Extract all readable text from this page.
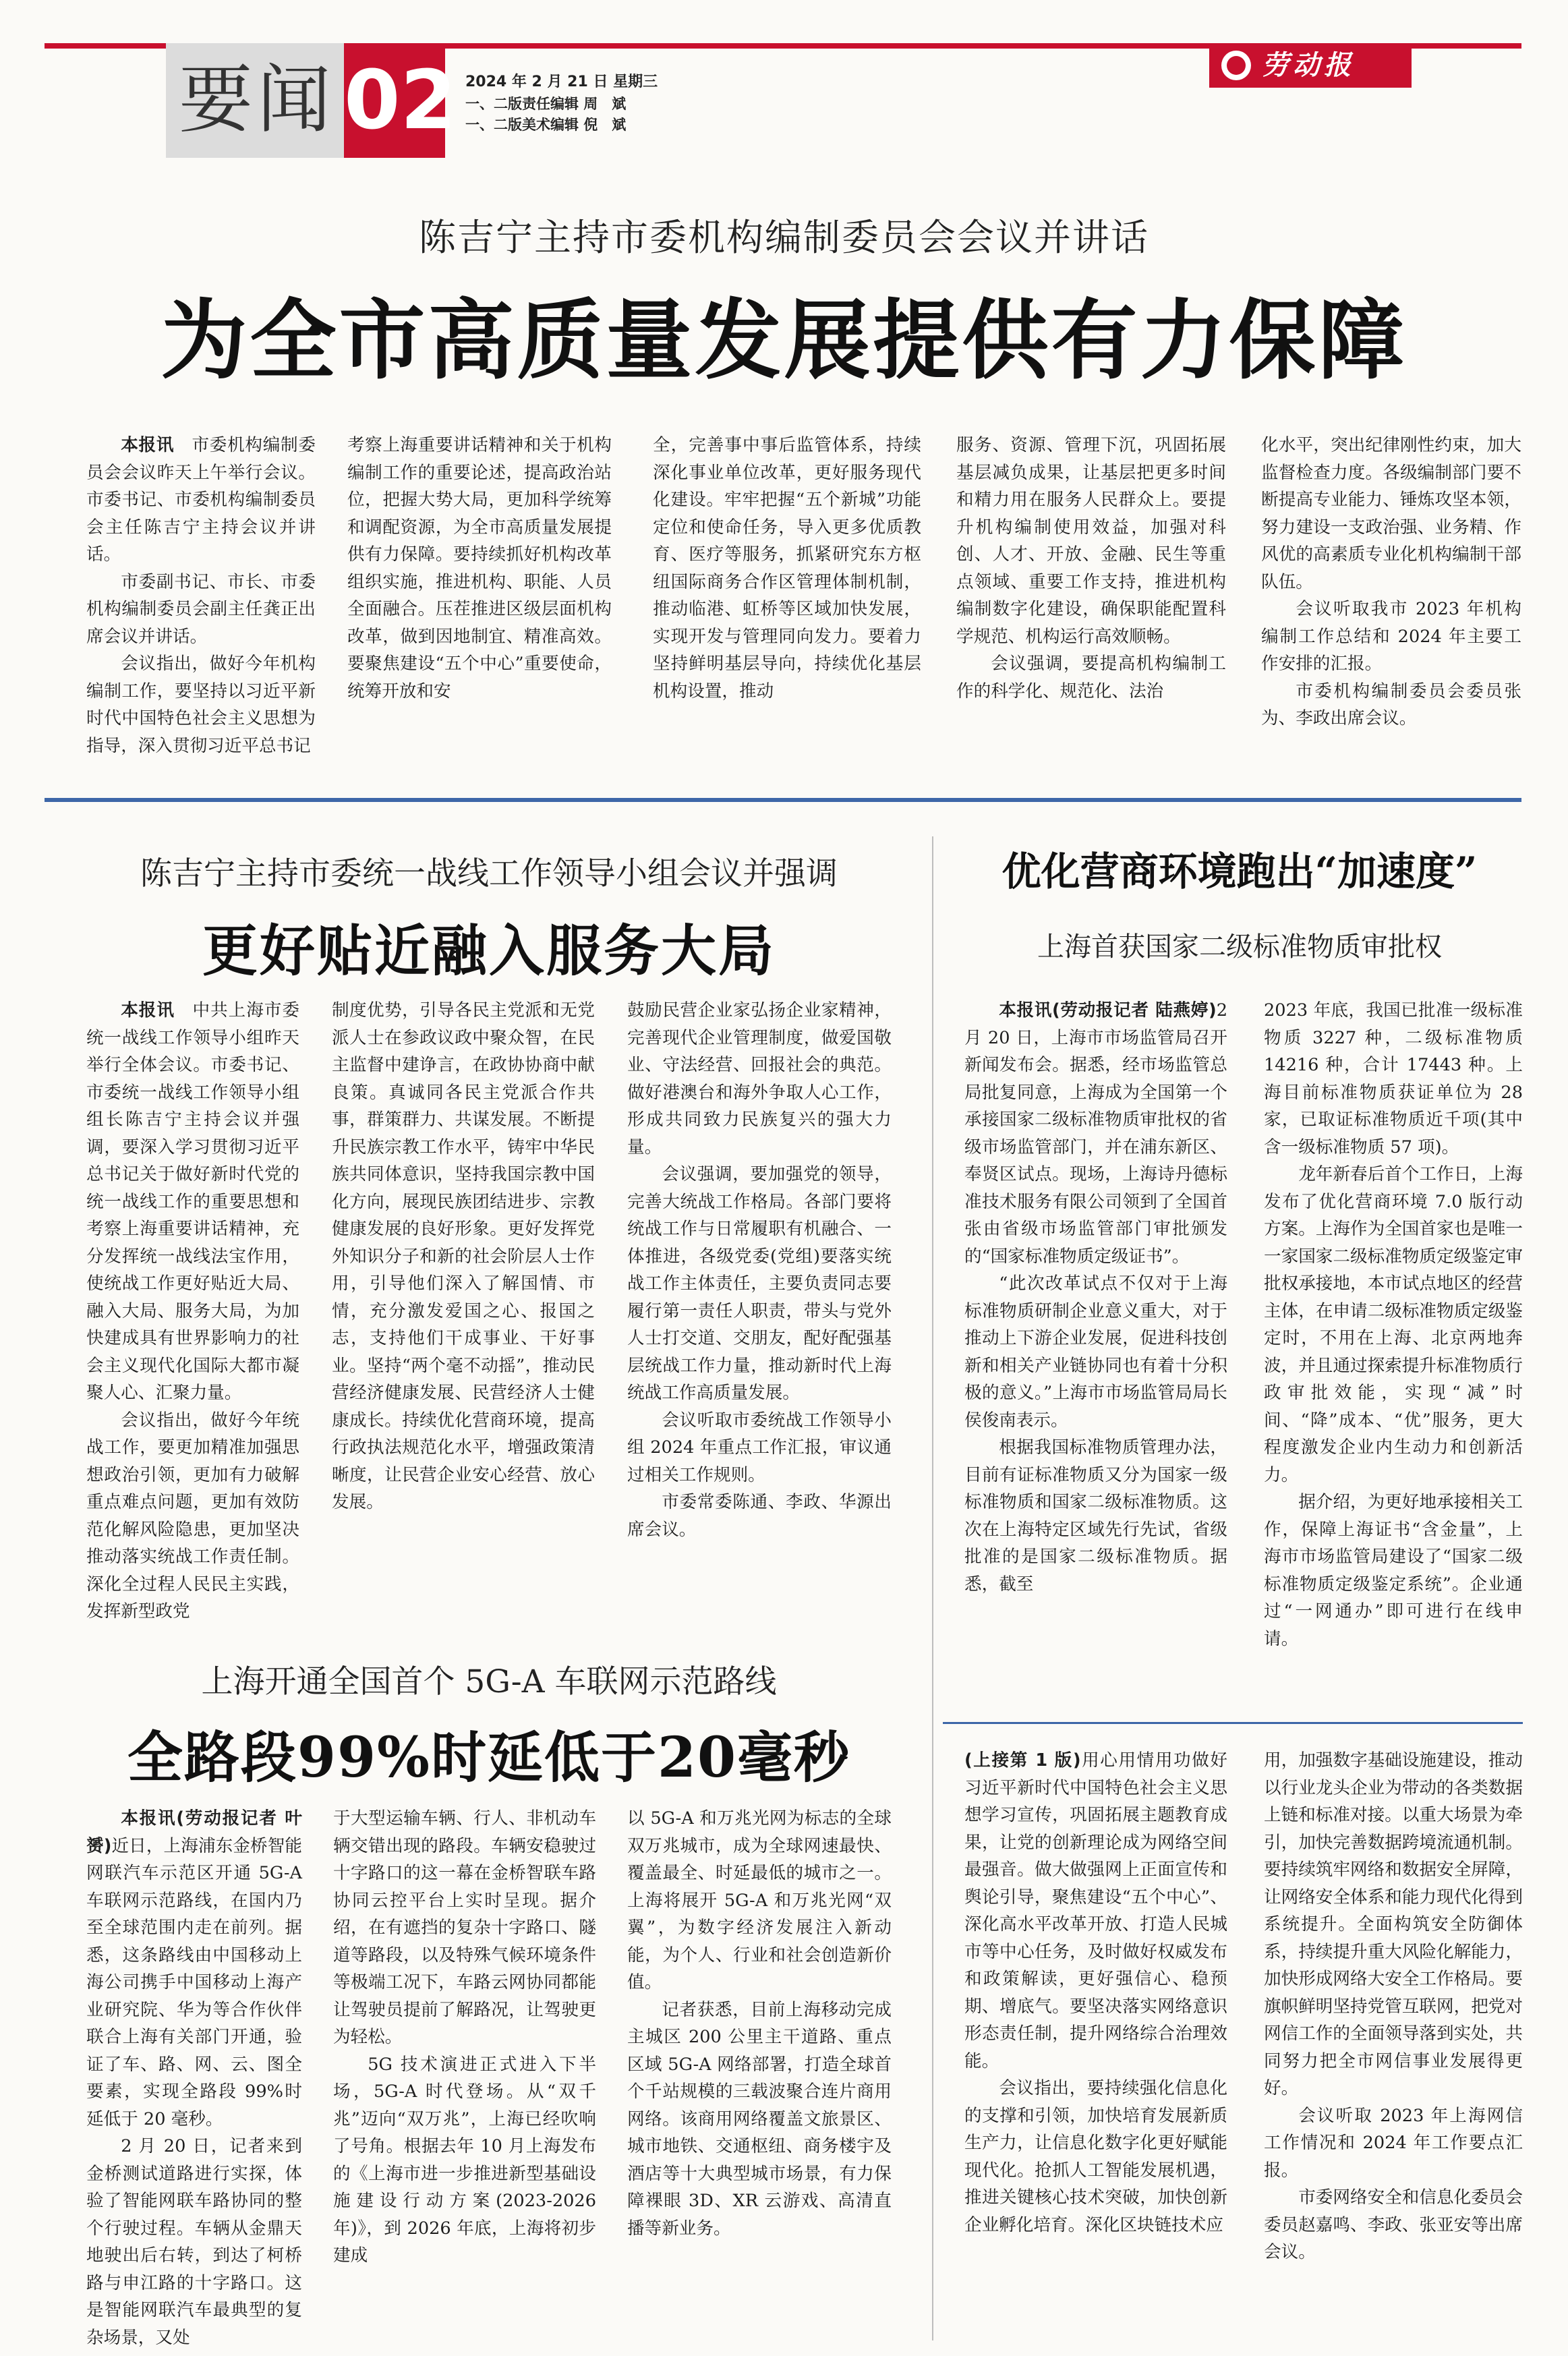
要闻 02 2024 年 2 月 21 日 星期三
一、二版责任编辑 周　斌
一、二版美术编辑 倪　斌
劳动报
陈吉宁主持市委机构编制委员会会议并讲话
为全市高质量发展提供有力保障

本报讯　 市委机构编制委员会会议昨天上午举行会议。市委书记、市委机构编制委员会主任陈吉宁主持会议并讲话。

市委副书记、市长、市委机构编制委员会副主任龚正出席会议并讲话。

会议指出，做好今年机构编制工作，要坚持以习近平新时代中国特色社会主义思想为指导，深入贯彻习近平总书记

考察上海重要讲话精神和关于机构编制工作的重要论述，提高政治站位，把握大势大局，更加科学统筹和调配资源，为全市高质量发展提供有力保障。要持续抓好机构改革组织实施，推进机构、职能、人员全面融合。压茬推进区级层面机构改革，做到因地制宜、精准高效。要聚焦建设“五个中心”重要使命，统筹开放和安

全，完善事中事后监管体系，持续深化事业单位改革，更好服务现代化建设。牢牢把握“五个新城”功能定位和使命任务，导入更多优质教育、医疗等服务，抓紧研究东方枢纽国际商务合作区管理体制机制，推动临港、虹桥等区域加快发展，实现开发与管理同向发力。要着力坚持鲜明基层导向，持续优化基层机构设置，推动

服务、资源、管理下沉，巩固拓展基层减负成果，让基层把更多时间和精力用在服务人民群众上。要提升机构编制使用效益，加强对科创、人才、开放、金融、民生等重点领域、重要工作支持，推进机构编制数字化建设，确保职能配置科学规范、机构运行高效顺畅。

会议强调，要提高机构编制工作的科学化、规范化、法治

化水平，突出纪律刚性约束，加大监督检查力度。各级编制部门要不断提高专业能力、锤炼攻坚本领，努力建设一支政治强、业务精、作风优的高素质专业化机构编制干部队伍。

会议听取我市 2023 年机构编制工作总结和 2024 年主要工作安排的汇报。

市委机构编制委员会委员张为、李政出席会议。

陈吉宁主持市委统一战线工作领导小组会议并强调
更好贴近融入服务大局

本报讯　 中共上海市委统一战线工作领导小组昨天举行全体会议。市委书记、市委统一战线工作领导小组组长陈吉宁主持会议并强调，要深入学习贯彻习近平总书记关于做好新时代党的统一战线工作的重要思想和考察上海重要讲话精神，充分发挥统一战线法宝作用，使统战工作更好贴近大局、融入大局、服务大局，为加快建成具有世界影响力的社会主义现代化国际大都市凝聚人心、汇聚力量。

会议指出，做好今年统战工作，要更加精准加强思想政治引领，更加有力破解重点难点问题，更加有效防范化解风险隐患，更加坚决推动落实统战工作责任制。深化全过程人民民主实践，发挥新型政党

制度优势，引导各民主党派和无党派人士在参政议政中聚众智，在民主监督中建诤言，在政协协商中献良策。真诚同各民主党派合作共事，群策群力、共谋发展。不断提升民族宗教工作水平，铸牢中华民族共同体意识，坚持我国宗教中国化方向，展现民族团结进步、宗教健康发展的良好形象。更好发挥党外知识分子和新的社会阶层人士作用，引导他们深入了解国情、市情，充分激发爱国之心、报国之志，支持他们干成事业、干好事业。坚持“两个毫不动摇”，推动民营经济健康发展、民营经济人士健康成长。持续优化营商环境，提高行政执法规范化水平，增强政策清晰度，让民营企业安心经营、放心发展。

鼓励民营企业家弘扬企业家精神，完善现代企业管理制度，做爱国敬业、守法经营、回报社会的典范。做好港澳台和海外争取人心工作，形成共同致力民族复兴的强大力量。

会议强调，要加强党的领导，完善大统战工作格局。各部门要将统战工作与日常履职有机融合、一体推进，各级党委(党组)要落实统战工作主体责任，主要负责同志要履行第一责任人职责，带头与党外人士打交道、交朋友，配好配强基层统战工作力量，推动新时代上海统战工作高质量发展。

会议听取市委统战工作领导小组 2024 年重点工作汇报，审议通过相关工作规则。

市委常委陈通、李政、华源出席会议。

优化营商环境跑出“加速度”
上海首获国家二级标准物质审批权

本报讯(劳动报记者 陆燕婷)2 月 20 日，上海市市场监管局召开新闻发布会。据悉，经市场监管总局批复同意，上海成为全国第一个承接国家二级标准物质审批权的省级市场监管部门，并在浦东新区、奉贤区试点。现场，上海诗丹德标准技术服务有限公司领到了全国首张由省级市场监管部门审批颁发的“国家标准物质定级证书”。

“此次改革试点不仅对于上海标准物质研制企业意义重大，对于推动上下游企业发展，促进科技创新和相关产业链协同也有着十分积极的意义。”上海市市场监管局局长侯俊南表示。

根据我国标准物质管理办法，目前有证标准物质又分为国家一级标准物质和国家二级标准物质。这次在上海特定区域先行先试，省级批准的是国家二级标准物质。据悉，截至

2023 年底，我国已批准一级标准物质 3227 种，二级标准物质 14216 种，合计 17443 种。上海目前标准物质获证单位为 28 家，已取证标准物质近千项(其中含一级标准物质 57 项)。

龙年新春后首个工作日，上海发布了优化营商环境 7.0 版行动方案。上海作为全国首家也是唯一一家国家二级标准物质定级鉴定审批权承接地，本市试点地区的经营主体，在申请二级标准物质定级鉴定时，不用在上海、北京两地奔波，并且通过探索提升标准物质行政审批效能，实现“减”时间、“降”成本、“优”服务，更大程度激发企业内生动力和创新活力。

据介绍，为更好地承接相关工作，保障上海证书“含金量”，上海市市场监管局建设了“国家二级标准物质定级鉴定系统”。企业通过“一网通办”即可进行在线申请。

上海开通全国首个 5G-A 车联网示范路线
全路段99%时延低于20毫秒

本报讯(劳动报记者 叶赟)近日，上海浦东金桥智能网联汽车示范区开通 5G-A 车联网示范路线，在国内乃至全球范围内走在前列。据悉，这条路线由中国移动上海公司携手中国移动上海产业研究院、华为等合作伙伴联合上海有关部门开通，验证了车、路、网、云、图全要素，实现全路段 99%时延低于 20 毫秒。

2 月 20 日，记者来到金桥测试道路进行实探，体验了智能网联车路协同的整个行驶过程。车辆从金鼎天地驶出后右转，到达了柯桥路与申江路的十字路口。这是智能网联汽车最典型的复杂场景，又处

于大型运输车辆、行人、非机动车辆交错出现的路段。车辆安稳驶过十字路口的这一幕在金桥智联车路协同云控平台上实时呈现。据介绍，在有遮挡的复杂十字路口、隧道等路段，以及特殊气候环境条件等极端工况下，车路云网协同都能让驾驶员提前了解路况，让驾驶更为轻松。

5G 技术演进正式进入下半场，5G-A 时代登场。从“双千兆”迈向“双万兆”，上海已经吹响了号角。根据去年 10 月上海发布的《上海市进一步推进新型基础设施建设行动方案(2023-2026 年)》，到 2026 年底，上海将初步建成

以 5G-A 和万兆光网为标志的全球双万兆城市，成为全球网速最快、覆盖最全、时延最低的城市之一。上海将展开 5G-A 和万兆光网“双翼”，为数字经济发展注入新动能，为个人、行业和社会创造新价值。

记者获悉，目前上海移动完成主城区 200 公里主干道路、重点区域 5G-A 网络部署，打造全球首个千站规模的三载波聚合连片商用网络。该商用网络覆盖文旅景区、城市地铁、交通枢纽、商务楼宇及酒店等十大典型城市场景，有力保障裸眼 3D、XR 云游戏、高清直播等新业务。

(上接第 1 版)用心用情用功做好习近平新时代中国特色社会主义思想学习宣传，巩固拓展主题教育成果，让党的创新理论成为网络空间最强音。做大做强网上正面宣传和舆论引导，聚焦建设“五个中心”、深化高水平改革开放、打造人民城市等中心任务，及时做好权威发布和政策解读，更好强信心、稳预期、增底气。要坚决落实网络意识形态责任制，提升网络综合治理效能。

会议指出，要持续强化信息化的支撑和引领，加快培育发展新质生产力，让信息化数字化更好赋能现代化。抢抓人工智能发展机遇，推进关键核心技术突破，加快创新企业孵化培育。深化区块链技术应

用，加强数字基础设施建设，推动以行业龙头企业为带动的各类数据上链和标准对接。以重大场景为牵引，加快完善数据跨境流通机制。要持续筑牢网络和数据安全屏障，让网络安全体系和能力现代化得到系统提升。全面构筑安全防御体系，持续提升重大风险化解能力，加快形成网络大安全工作格局。要旗帜鲜明坚持党管互联网，把党对网信工作的全面领导落到实处，共同努力把全市网信事业发展得更好。

会议听取 2023 年上海网信工作情况和 2024 年工作要点汇报。

市委网络安全和信息化委员会委员赵嘉鸣、李政、张亚安等出席会议。
